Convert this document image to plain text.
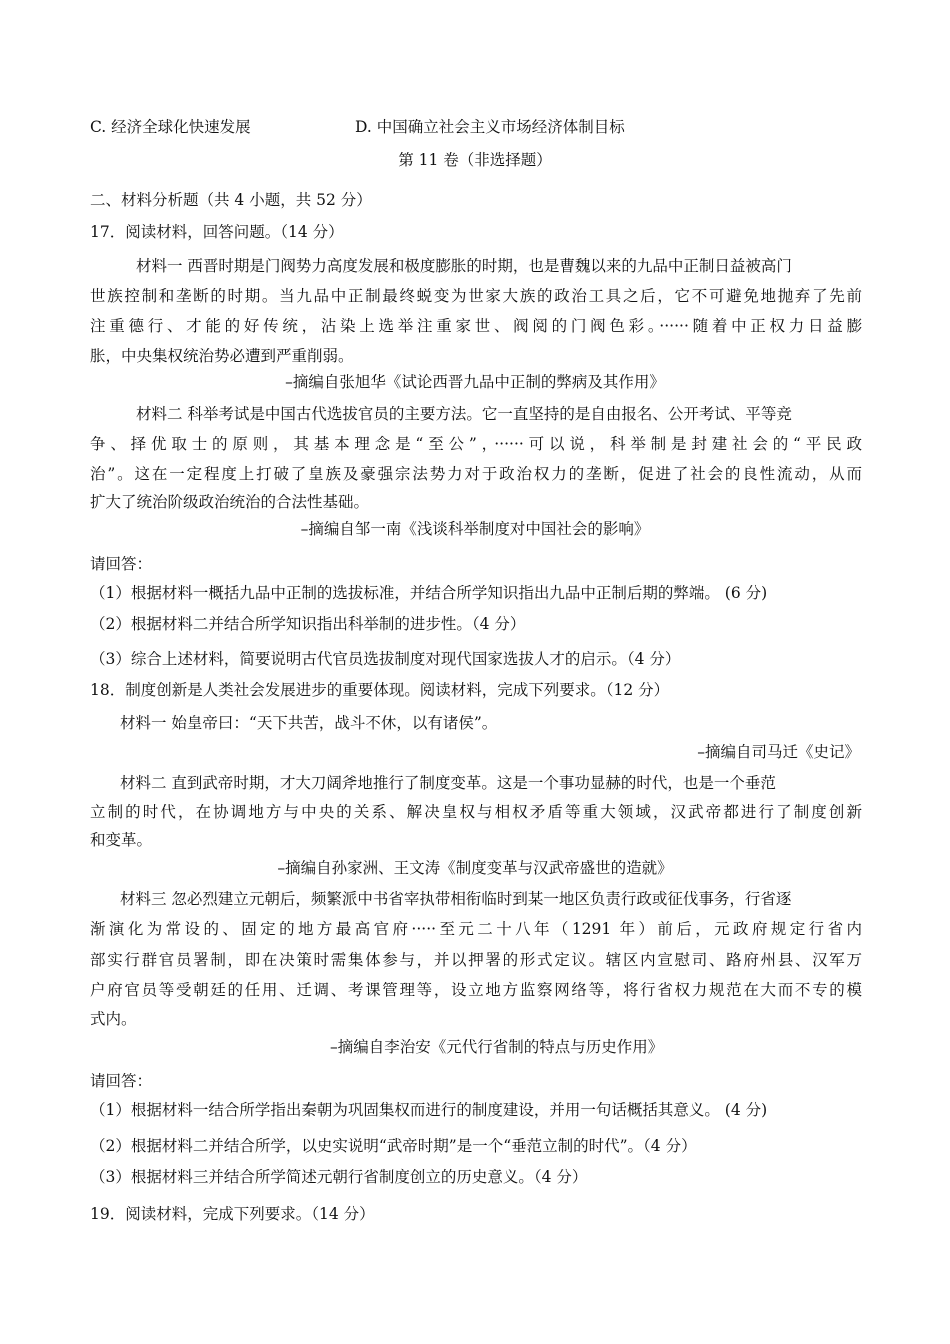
C. 经济全球化快速发展	D. 中国确立社会主义市场经济体制目标
第 11 卷（非选择题）
二、材料分析题（共 4 小题，共 52 分）
17．阅读材料，回答问题。（14 分）
材料一 西晋时期是门阀势力高度发展和极度膨胀的时期，也是曹魏以来的九品中正制日益被高门
世族控制和垄断的时期。当九品中正制最终蜕变为世家大族的政治工具之后，它不可避免地抛弃了先前
注重德行、才能的好传统，沾染上选举注重家世、阀阅的门阀色彩。······随着中正权力日益膨
胀，中央集权统治势必遭到严重削弱。
–摘编自张旭华《试论西晋九品中正制的弊病及其作用》
材料二 科举考试是中国古代选拔官员的主要方法。它一直坚持的是自由报名、公开考试、平等竞
争、择优取士的原则，其基本理念是“至公”，······可以说，科举制是封建社会的“平民政
治”。这在一定程度上打破了皇族及豪强宗法势力对于政治权力的垄断，促进了社会的良性流动，从而
扩大了统治阶级政治统治的合法性基础。
–摘编自邹一南《浅谈科举制度对中国社会的影响》
请回答：
（1）根据材料一概括九品中正制的选拔标准，并结合所学知识指出九品中正制后期的弊端。 (6 分)
（2）根据材料二并结合所学知识指出科举制的进步性。（4 分）
（3）综合上述材料，简要说明古代官员选拔制度对现代国家选拔人才的启示。（4 分）
18．制度创新是人类社会发展进步的重要体现。阅读材料，完成下列要求。（12 分）
材料一 始皇帝曰：“天下共苦，战斗不休，以有诸侯”。
–摘编自司马迁《史记》
材料二 直到武帝时期，才大刀阔斧地推行了制度变革。这是一个事功显赫的时代，也是一个垂范
立制的时代，在协调地方与中央的关系、解决皇权与相权矛盾等重大领域，汉武帝都进行了制度创新
和变革。
–摘编自孙家洲、王文涛《制度变革与汉武帝盛世的造就》
材料三 忽必烈建立元朝后，频繁派中书省宰执带相衔临时到某一地区负责行政或征伐事务，行省逐
渐演化为常设的、固定的地方最高官府·····至元二十八年（1291 年）前后，元政府规定行省内
部实行群官员署制，即在决策时需集体参与，并以押署的形式定议。辖区内宣慰司、路府州县、汉军万
户府官员等受朝廷的任用、迁调、考课管理等，设立地方监察网络等，将行省权力规范在大而不专的模
式内。
–摘编自李治安《元代行省制的特点与历史作用》
请回答：
（1）根据材料一结合所学指出秦朝为巩固集权而进行的制度建设，并用一句话概括其意义。 (4 分)
（2）根据材料二并结合所学，以史实说明“武帝时期”是一个“垂范立制的时代”。（4 分）
（3）根据材料三并结合所学简述元朝行省制度创立的历史意义。（4 分）
19．阅读材料，完成下列要求。（14 分）
